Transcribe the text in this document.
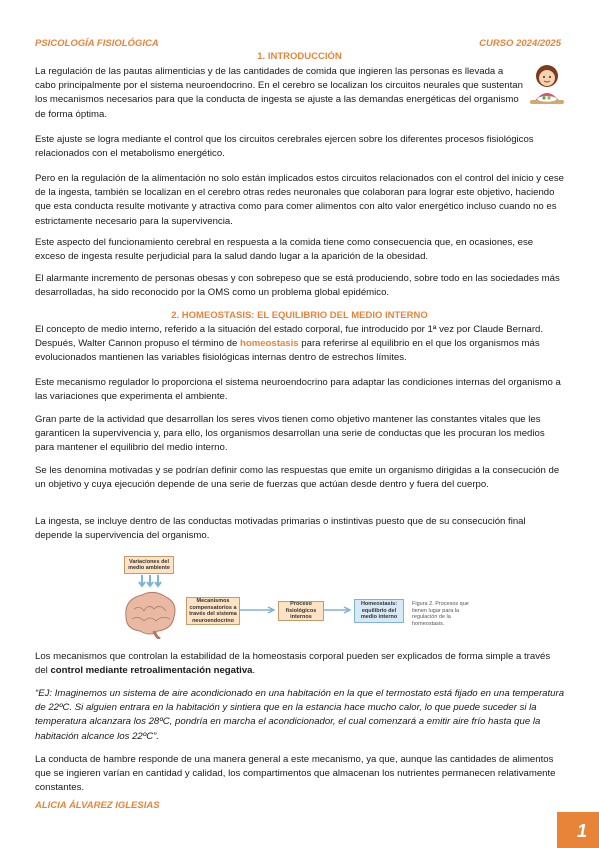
PSICOLOGÍA FISIOLÓGICA	CURSO 2024/2025
1. INTRODUCCIÓN

La regulación de las pautas alimenticias y de las cantidades de comida que ingieren las personas es llevada a cabo principalmente por el sistema neuroendocrino. En el cerebro se localizan los circuitos neurales que sustentan los mecanismos necesarios para que la conducta de ingesta se ajuste a las demandas energéticas del organismo de forma óptima.

Este ajuste se logra mediante el control que los circuitos cerebrales ejercen sobre los diferentes procesos fisiológicos relacionados con el metabolismo energético.

Pero en la regulación de la alimentación no solo están implicados estos circuitos relacionados con el control del inicio y cese de la ingesta, también se localizan en el cerebro otras redes neuronales que colaboran para lograr este objetivo, haciendo que esta conducta resulte motivante y atractiva como para comer alimentos con alto valor energético incluso cuando no es estrictamente necesario para la supervivencia.

Este aspecto del funcionamiento cerebral en respuesta a la comida tiene como consecuencia que, en ocasiones, ese exceso de ingesta resulte perjudicial para la salud dando lugar a la aparición de la obesidad.

El alarmante incremento de personas obesas y con sobrepeso que se está produciendo, sobre todo en las sociedades más desarrolladas, ha sido reconocido por la OMS como un problema global epidémico.

2. HOMEOSTASIS: EL EQUILIBRIO DEL MEDIO INTERNO

El concepto de medio interno, referido a la situación del estado corporal, fue introducido por 1ª vez por Claude Bernard. Después, Walter Cannon propuso el término de homeostasis para referirse al equilibrio en el que los organismos más evolucionados mantienen las variables fisiológicas internas dentro de estrechos límites.

Este mecanismo regulador lo proporciona el sistema neuroendocrino para adaptar las condiciones internas del organismo a las variaciones que experimenta el ambiente.

Gran parte de la actividad que desarrollan los seres vivos tienen como objetivo mantener las constantes vitales que les garanticen la supervivencia y, para ello, los organismos desarrollan una serie de conductas que les procuran los medios para mantener el equilibrio del medio interno.

Se les denomina motivadas y se podrían definir como las respuestas que emite un organismo dirigidas a la consecución de un objetivo y cuya ejecución depende de una serie de fuerzas que actúan desde dentro y fuera del cuerpo.

La ingesta, se incluye dentro de las conductas motivadas primarias o instintivas puesto que de su consecución final depende la supervivencia del organismo.

Variaciones del medio ambiente
Mecanismos compensatorios a través del sistema neuroendocrino
Proceso fisiológicos internos
Homeostasis: equilibrio del medio interno
Figura 2. Procesos que tienen lugar para la regulación de la homeostasis.

Los mecanismos que controlan la estabilidad de la homeostasis corporal pueden ser explicados de forma simple a través del control mediante retroalimentación negativa.

“EJ: Imaginemos un sistema de aire acondicionado en una habitación en la que el termostato está fijado en una temperatura de 22ºC. Si alguien entrara en la habitación y sintiera que en la estancia hace mucho calor, lo que puede suceder si la temperatura alcanzara los 28ºC, pondría en marcha el acondicionador, el cual comenzará a emitir aire frío hasta que la habitación alcance los 22ºC”.

La conducta de hambre responde de una manera general a este mecanismo, ya que, aunque las cantidades de alimentos que se ingieren varían en cantidad y calidad, los compartimentos que almacenan los nutrientes permanecen relativamente constantes.

ALICIA ÁLVAREZ IGLESIAS
1
